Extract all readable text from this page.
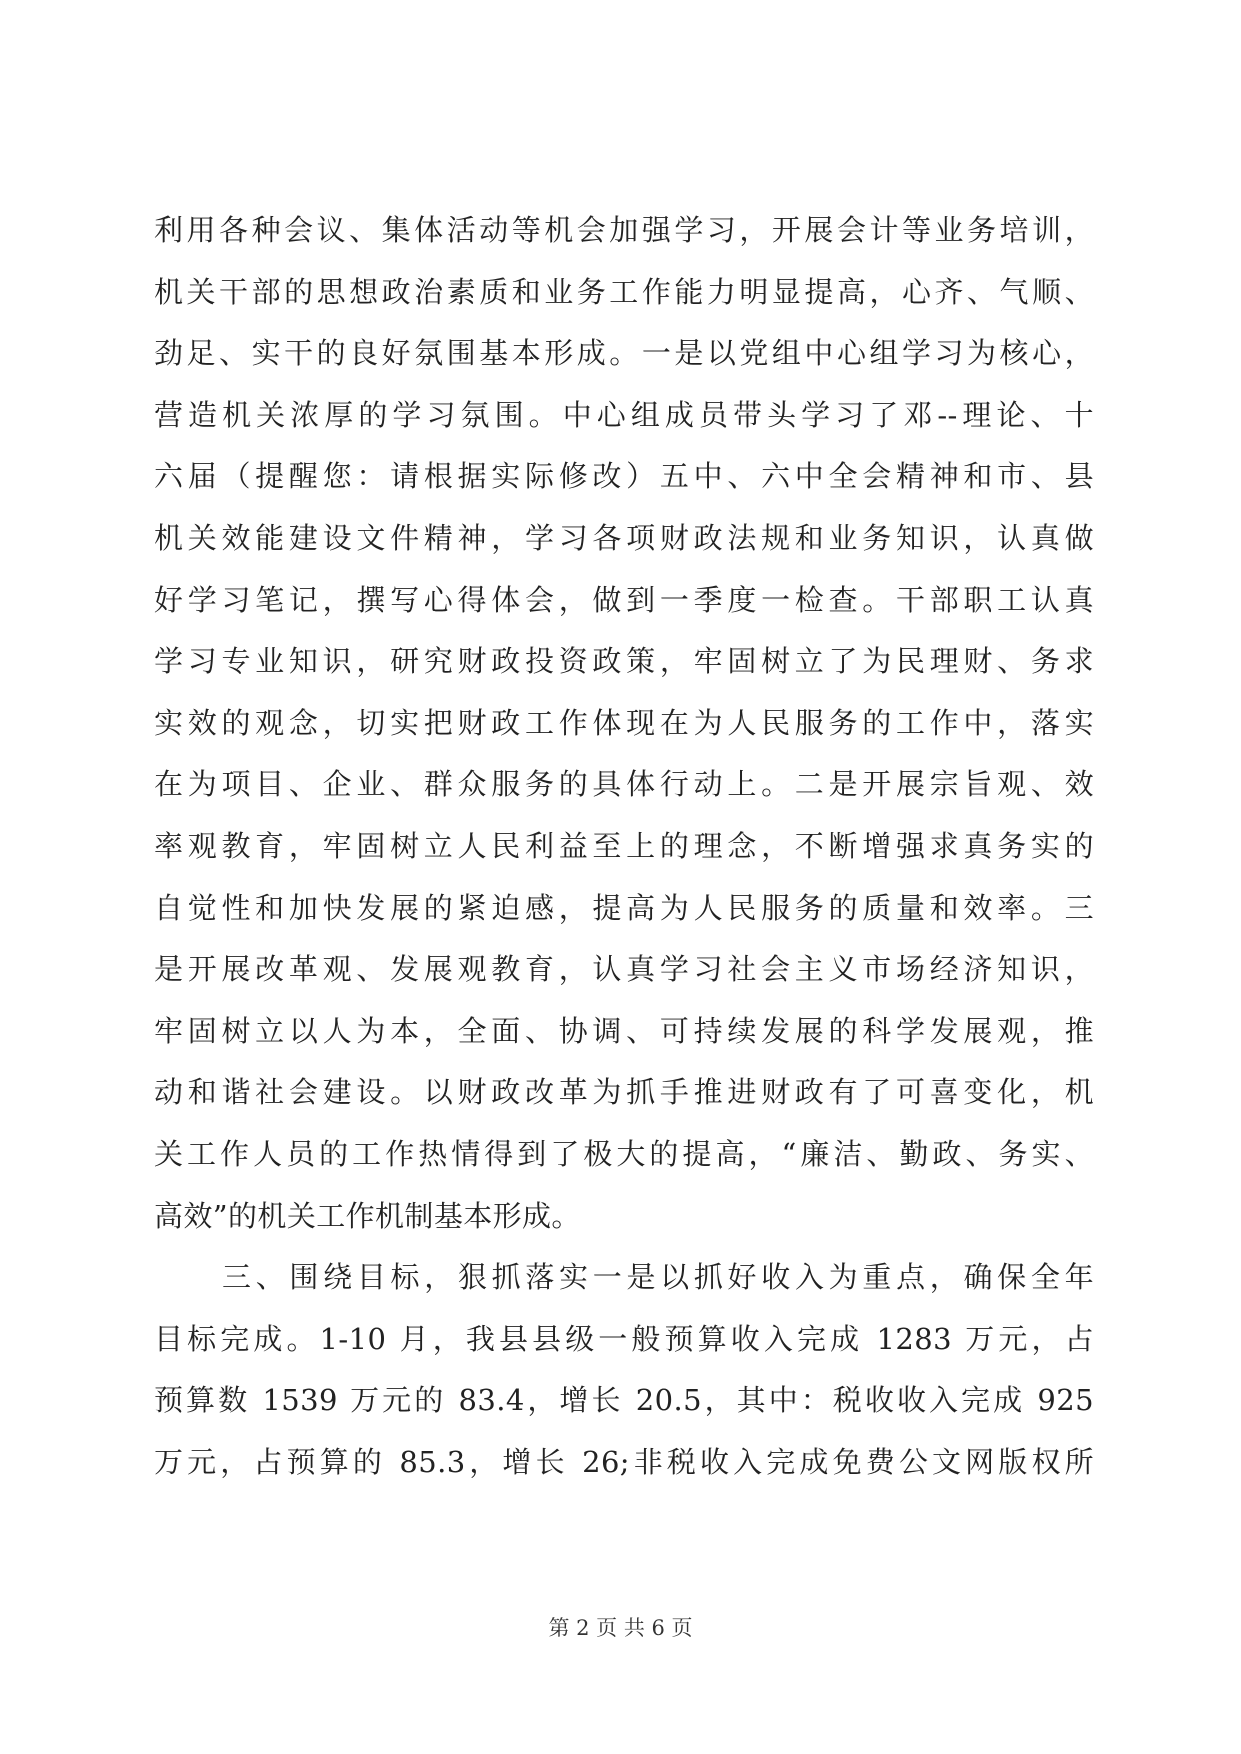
利用各种会议、集体活动等机会加强学习，开展会计等业务培训，
机关干部的思想政治素质和业务工作能力明显提高，心齐、气顺、
劲足、实干的良好氛围基本形成。一是以党组中心组学习为核心，
营造机关浓厚的学习氛围。中心组成员带头学习了邓--理论、十
六届（提醒您：请根据实际修改）五中、六中全会精神和市、县
机关效能建设文件精神，学习各项财政法规和业务知识，认真做
好学习笔记，撰写心得体会，做到一季度一检查。干部职工认真
学习专业知识，研究财政投资政策，牢固树立了为民理财、务求
实效的观念，切实把财政工作体现在为人民服务的工作中，落实
在为项目、企业、群众服务的具体行动上。二是开展宗旨观、效
率观教育，牢固树立人民利益至上的理念，不断增强求真务实的
自觉性和加快发展的紧迫感，提高为人民服务的质量和效率。三
是开展改革观、发展观教育，认真学习社会主义市场经济知识，
牢固树立以人为本，全面、协调、可持续发展的科学发展观，推
动和谐社会建设。以财政改革为抓手推进财政有了可喜变化，机
关工作人员的工作热情得到了极大的提高，“廉洁、勤政、务实、
高效”的机关工作机制基本形成。
三、围绕目标，狠抓落实一是以抓好收入为重点，确保全年
目标完成。1-10 月，我县县级一般预算收入完成 1283 万元，占
预算数 1539 万元的 83.4，增长 20.5，其中：税收收入完成 925
万元，占预算的 85.3，增长 26;非税收入完成免费公文网版权所
第 2 页 共 6 页
